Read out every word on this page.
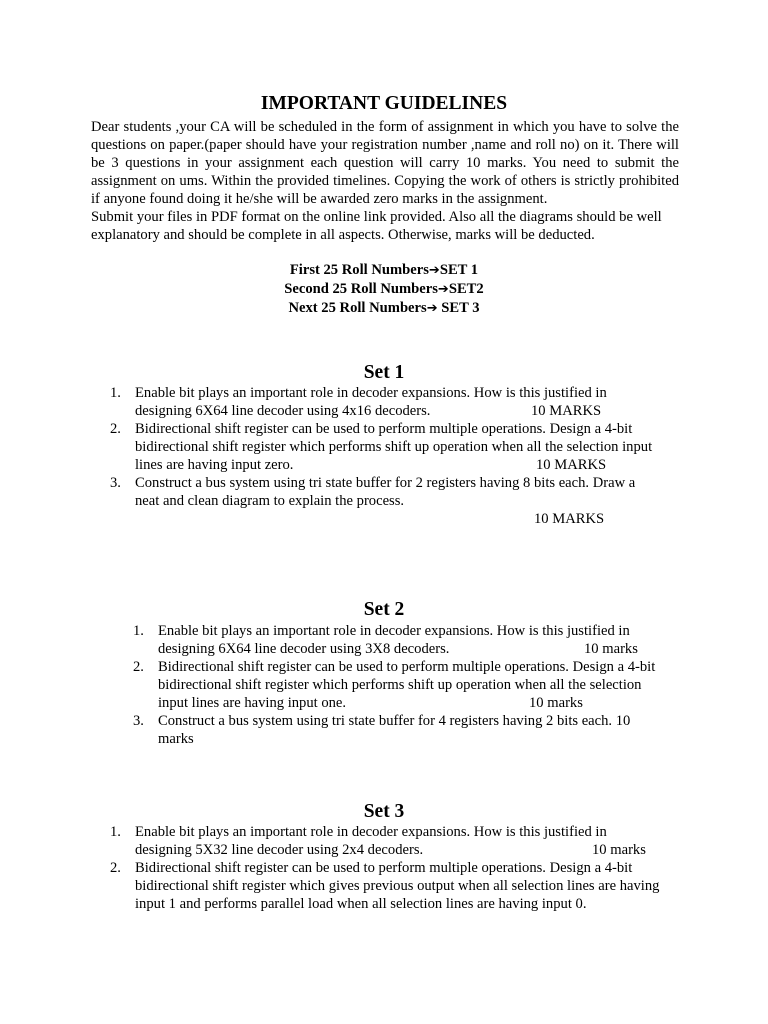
IMPORTANT GUIDELINES

Dear students ,your CA will be scheduled in the form of assignment in which you have to solve the questions on paper.(paper should have your registration number ,name and roll no) on it. There will be 3 questions in your assignment each question will carry 10 marks. You need to submit the assignment on ums. Within the provided timelines. Copying the work of others is strictly prohibited if anyone found doing it he/she will be awarded zero marks in the assignment.

Submit your files in PDF format on the online link provided. Also all the diagrams should be well explanatory and should be complete in all aspects. Otherwise, marks will be deducted.

First 25 Roll Numbers➔SET 1
Second 25 Roll Numbers➔SET2
Next 25 Roll Numbers➔ SET 3
Set 1
1. Enable bit plays an important role in decoder expansions. How is this justified in
designing 6X64 line decoder using 4x16 decoders.	10 MARKS
2. Bidirectional shift register can be used to perform multiple operations. Design a 4-bit
bidirectional shift register which performs shift up operation when all the selection input
lines are having input zero.	10 MARKS
3. Construct a bus system using tri state buffer for 2 registers having 8 bits each. Draw a
neat and clean diagram to explain the process.
10 MARKS
Set 2
1. Enable bit plays an important role in decoder expansions. How is this justified in
designing 6X64 line decoder using 3X8 decoders.	10 marks
2. Bidirectional shift register can be used to perform multiple operations. Design a 4-bit
bidirectional shift register which performs shift up operation when all the selection
input lines are having input one.	10 marks
3. Construct a bus system using tri state buffer for 4 registers having 2 bits each. 10
marks
Set 3
1. Enable bit plays an important role in decoder expansions. How is this justified in
designing 5X32 line decoder using 2x4 decoders.	10 marks
2. Bidirectional shift register can be used to perform multiple operations. Design a 4-bit
bidirectional shift register which gives previous output when all selection lines are having
input 1 and performs parallel load when all selection lines are having input 0.
